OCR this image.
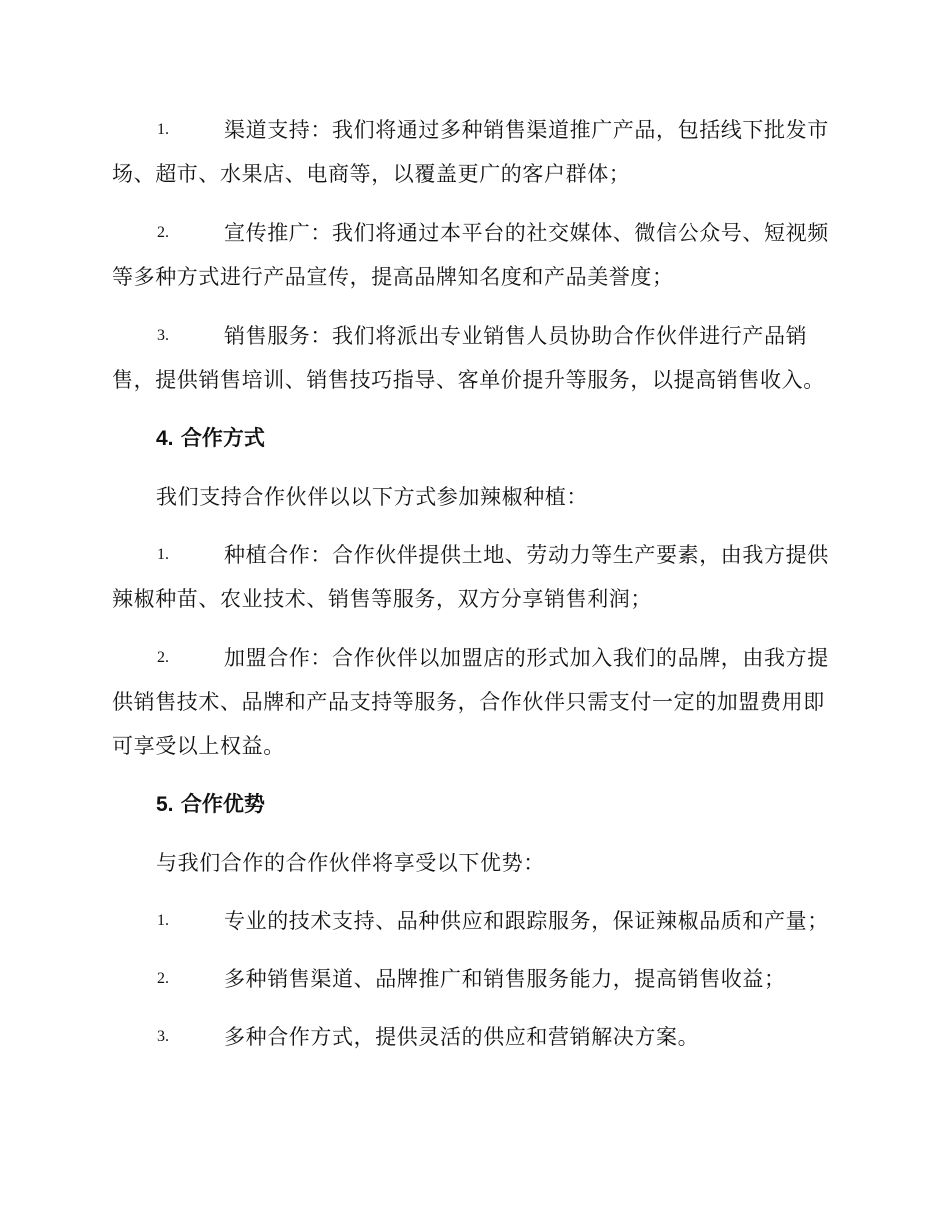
1.	渠道支持：我们将通过多种销售渠道推广产品，包括线下批发市场、超市、水果店、电商等，以覆盖更广的客户群体；

2.	宣传推广：我们将通过本平台的社交媒体、微信公众号、短视频等多种方式进行产品宣传，提高品牌知名度和产品美誉度；

3.	销售服务：我们将派出专业销售人员协助合作伙伴进行产品销售，提供销售培训、销售技巧指导、客单价提升等服务，以提高销售收入。

4. 合作方式

我们支持合作伙伴以以下方式参加辣椒种植：

1.	种植合作：合作伙伴提供土地、劳动力等生产要素，由我方提供辣椒种苗、农业技术、销售等服务，双方分享销售利润；

2.	加盟合作：合作伙伴以加盟店的形式加入我们的品牌，由我方提供销售技术、品牌和产品支持等服务，合作伙伴只需支付一定的加盟费用即可享受以上权益。

5. 合作优势

与我们合作的合作伙伴将享受以下优势：

1.	专业的技术支持、品种供应和跟踪服务，保证辣椒品质和产量；

2.	多种销售渠道、品牌推广和销售服务能力，提高销售收益；

3.	多种合作方式，提供灵活的供应和营销解决方案。
